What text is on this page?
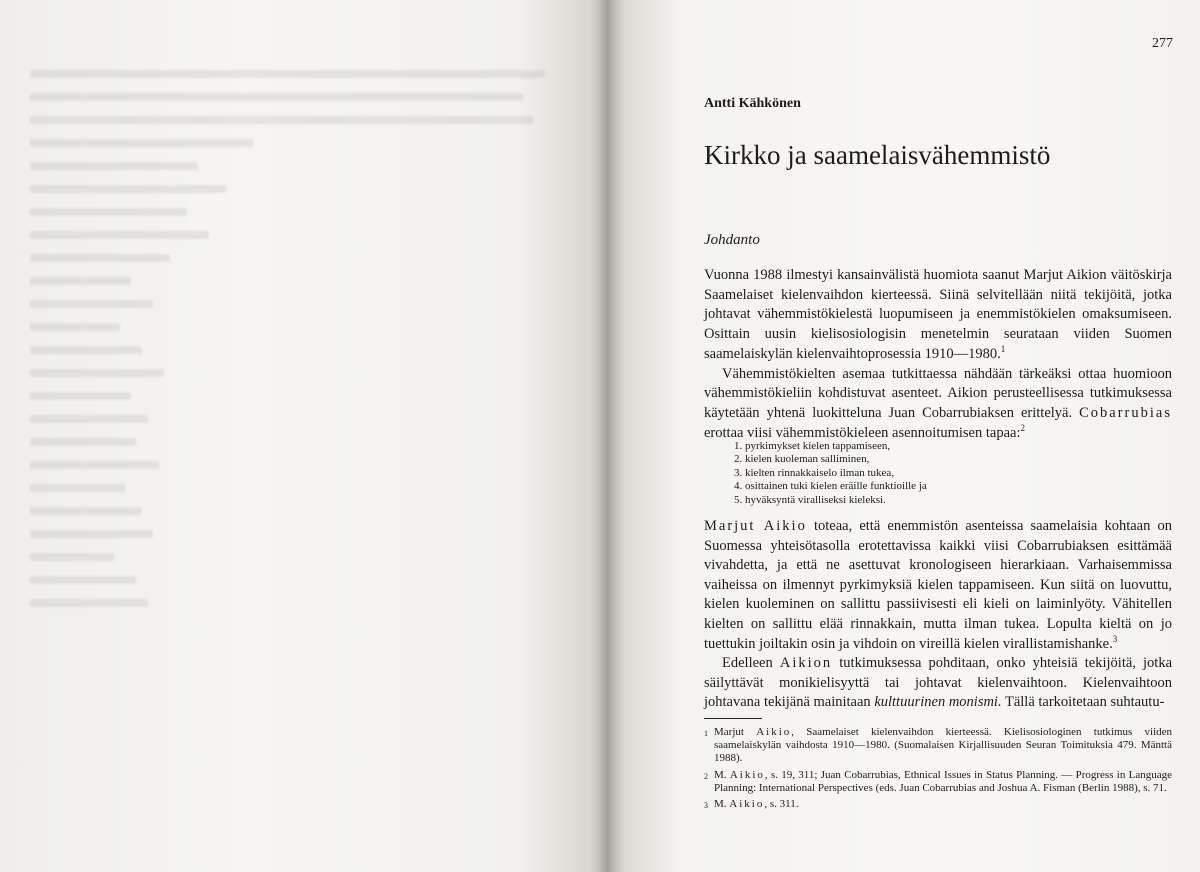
277
Antti Kähkönen
Kirkko ja saamelaisvähemmistö
Johdanto

Vuonna 1988 ilmestyi kansainvälistä huomiota saanut Marjut Aikion väitöskirja Saamelaiset kielenvaihdon kierteessä. Siinä selvitellään niitä tekijöitä, jotka johtavat vähemmistökielestä luopumiseen ja enemmistökielen omaksumiseen. Osittain uusin kielisosiologisin menetelmin seurataan viiden Suomen saamelaiskylän kielenvaihtoprosessia 1910—1980.$^1$

Vähemmistökielten asemaa tutkittaessa nähdään tärkeäksi ottaa huomioon vähemmistökieliin kohdistuvat asenteet. Aikion perusteellisessa tutkimuksessa käytetään yhtenä luokitteluna Juan Cobarrubiaksen erittelyä. Cobarrubias erottaa viisi vähemmistökieleen asennoitumisen tapaa:$^2$

1. pyrkimykset kielen tappamiseen,
2. kielen kuoleman salliminen,
3. kielten rinnakkaiselo ilman tukea,
4. osittainen tuki kielen eräille funktioille ja
5. hyväksyntä viralliseksi kieleksi.

Marjut Aikio toteaa, että enemmistön asenteissa saamelaisia kohtaan on Suomessa yhteisötasolla erotettavissa kaikki viisi Cobarrubiaksen esittämää vivahdetta, ja että ne asettuvat kronologiseen hierarkiaan. Varhaisemmissa vaiheissa on ilmennyt pyrkimyksiä kielen tappamiseen. Kun siitä on luovuttu, kielen kuoleminen on sallittu passiivisesti eli kieli on laiminlyöty. Vähitellen kielten on sallittu elää rinnakkain, mutta ilman tukea. Lopulta kieltä on jo tuettukin joiltakin osin ja vihdoin on vireillä kielen virallistamishanke.$^3$

Edelleen Aikion tutkimuksessa pohditaan, onko yhteisiä tekijöitä, jotka säilyttävät monikielisyyttä tai johtavat kielenvaihtoon. Kielenvaihtoon johtavana tekijänä mainitaan kulttuurinen monismi. Tällä tarkoitetaan suhtautu-

1 Marjut Aikio, Saamelaiset kielenvaihdon kierteessä. Kielisosiologinen tutkimus viiden saamelaiskylän vaihdosta 1910—1980. (Suomalaisen Kirjallisuuden Seuran Toimituksia 479. Mänttä 1988).
2 M. Aikio, s. 19, 311; Juan Cobarrubias, Ethnical Issues in Status Planning. — Progress in Language Planning: International Perspectives (eds. Juan Cobarrubias and Joshua A. Fisman (Berlin 1988), s. 71.
3 M. Aikio, s. 311.
